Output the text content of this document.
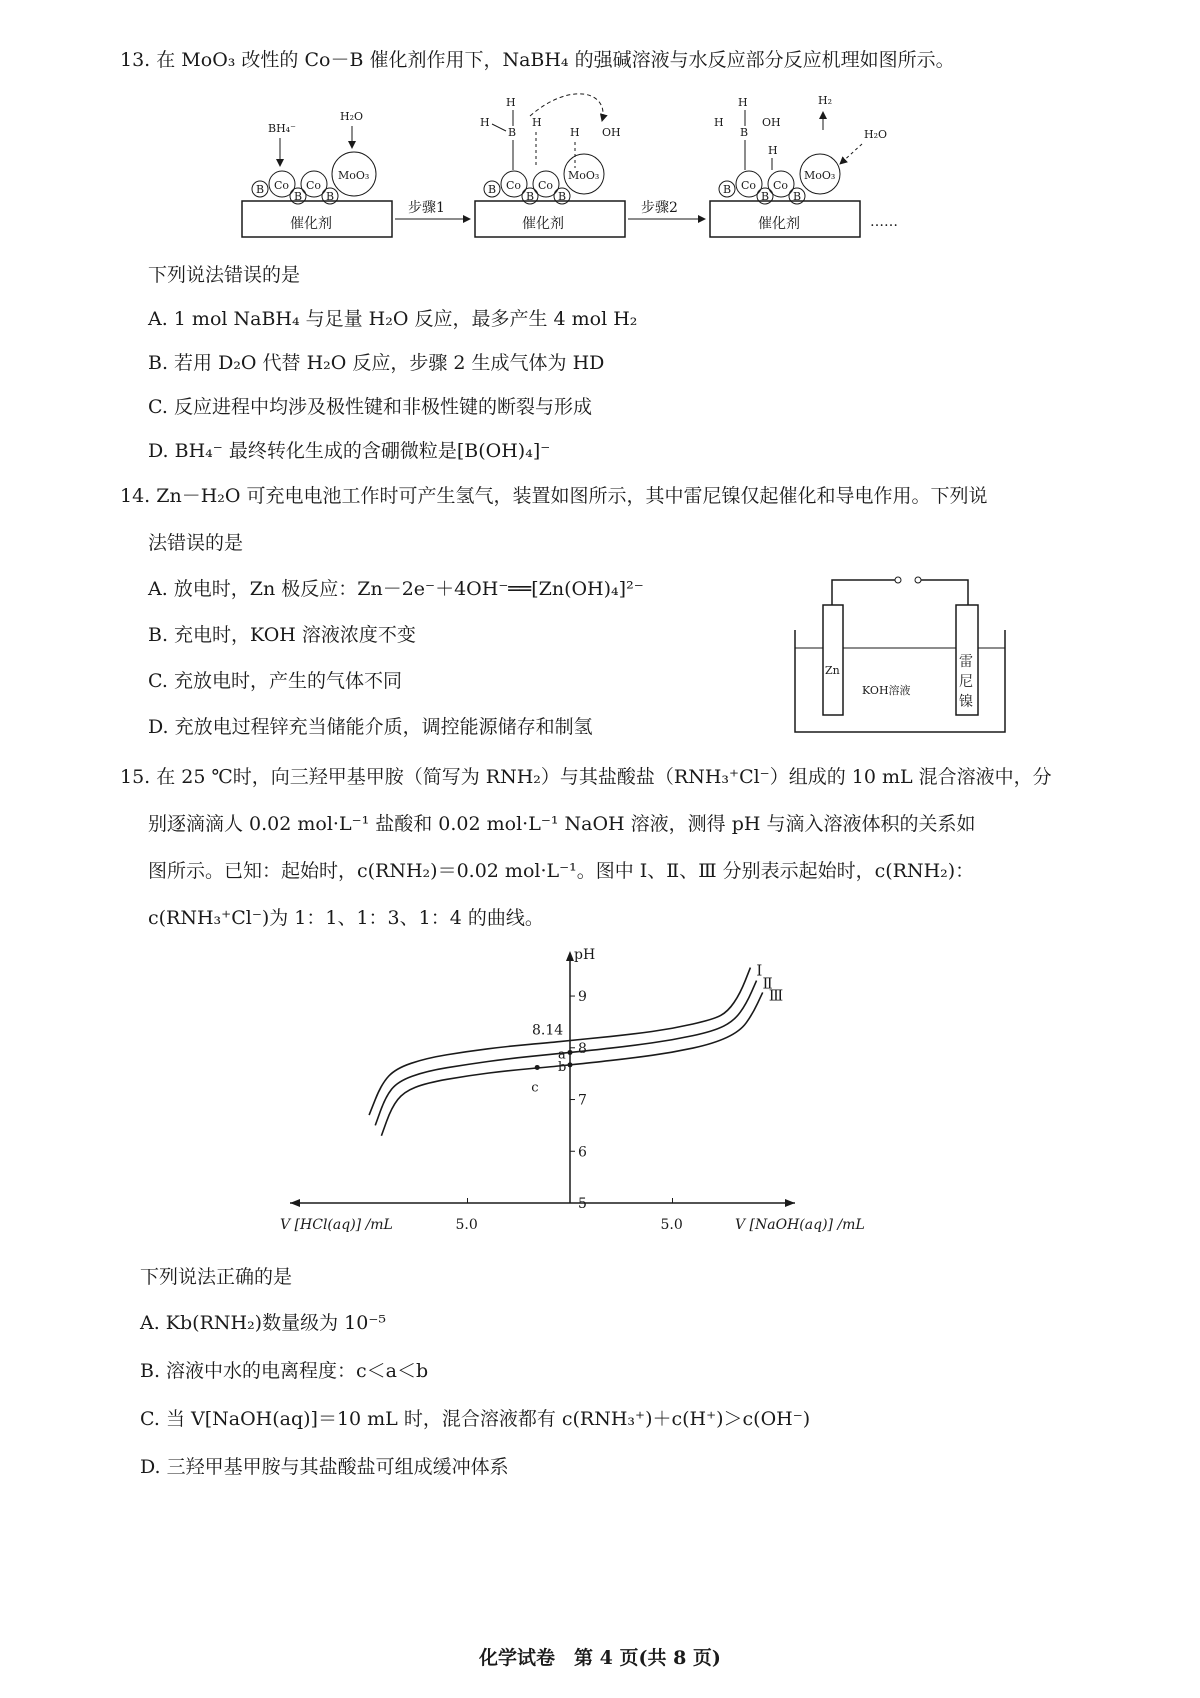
13. 在 MoO₃ 改性的 Co－B 催化剂作用下，NaBH₄ 的强碱溶液与水反应部分反应机理如图所示。
催化剂
B Co Co
B B
MoO₃
BH₄⁻
H₂O
步骤1
催化剂
B Co Co
B B
MoO₃
B
H
H	H
H OH
步骤2
催化剂
B Co Co
B B
MoO₃
B
H
H	OH
H
H₂
H₂O
……
下列说法错误的是
A. 1 mol NaBH₄ 与足量 H₂O 反应，最多产生 4 mol H₂
B. 若用 D₂O 代替 H₂O 反应，步骤 2 生成气体为 HD
C. 反应进程中均涉及极性键和非极性键的断裂与形成
D. BH₄⁻ 最终转化生成的含硼微粒是[B(OH)₄]⁻
14. Zn－H₂O 可充电电池工作时可产生氢气，装置如图所示，其中雷尼镍仅起催化和导电作用。下列说
法错误的是
A. 放电时，Zn 极反应：Zn－2e⁻＋4OH⁻══[Zn(OH)₄]²⁻
B. 充电时，KOH 溶液浓度不变
C. 充放电时，产生的气体不同
D. 充放电过程锌充当储能介质，调控能源储存和制氢
Zn
KOH溶液
雷
尼
镍
15. 在 25 ℃时，向三羟甲基甲胺（简写为 RNH₂）与其盐酸盐（RNH₃⁺Cl⁻）组成的 10 mL 混合溶液中，分
别逐滴滴人 0.02 mol·L⁻¹ 盐酸和 0.02 mol·L⁻¹ NaOH 溶液，测得 pH 与滴入溶液体积的关系如
图所示。已知：起始时，c(RNH₂)＝0.02 mol·L⁻¹。图中 Ⅰ、Ⅱ、Ⅲ 分别表示起始时，c(RNH₂)：
c(RNH₃⁺Cl⁻)为 1：1、1：3、1：4 的曲线。
5
6
7
8
9
5.0	5.0
pH
V [HCl(aq)] /mL	V [NaOH(aq)] /mL
Ⅰ
Ⅱ
Ⅲ
8.14
a
b
c
下列说法正确的是
A. Kb(RNH₂)数量级为 10⁻⁵
B. 溶液中水的电离程度：c＜a＜b
C. 当 V[NaOH(aq)]＝10 mL 时，混合溶液都有 c(RNH₃⁺)＋c(H⁺)＞c(OH⁻)
D. 三羟甲基甲胺与其盐酸盐可组成缓冲体系
化学试卷　第 4 页(共 8 页)
